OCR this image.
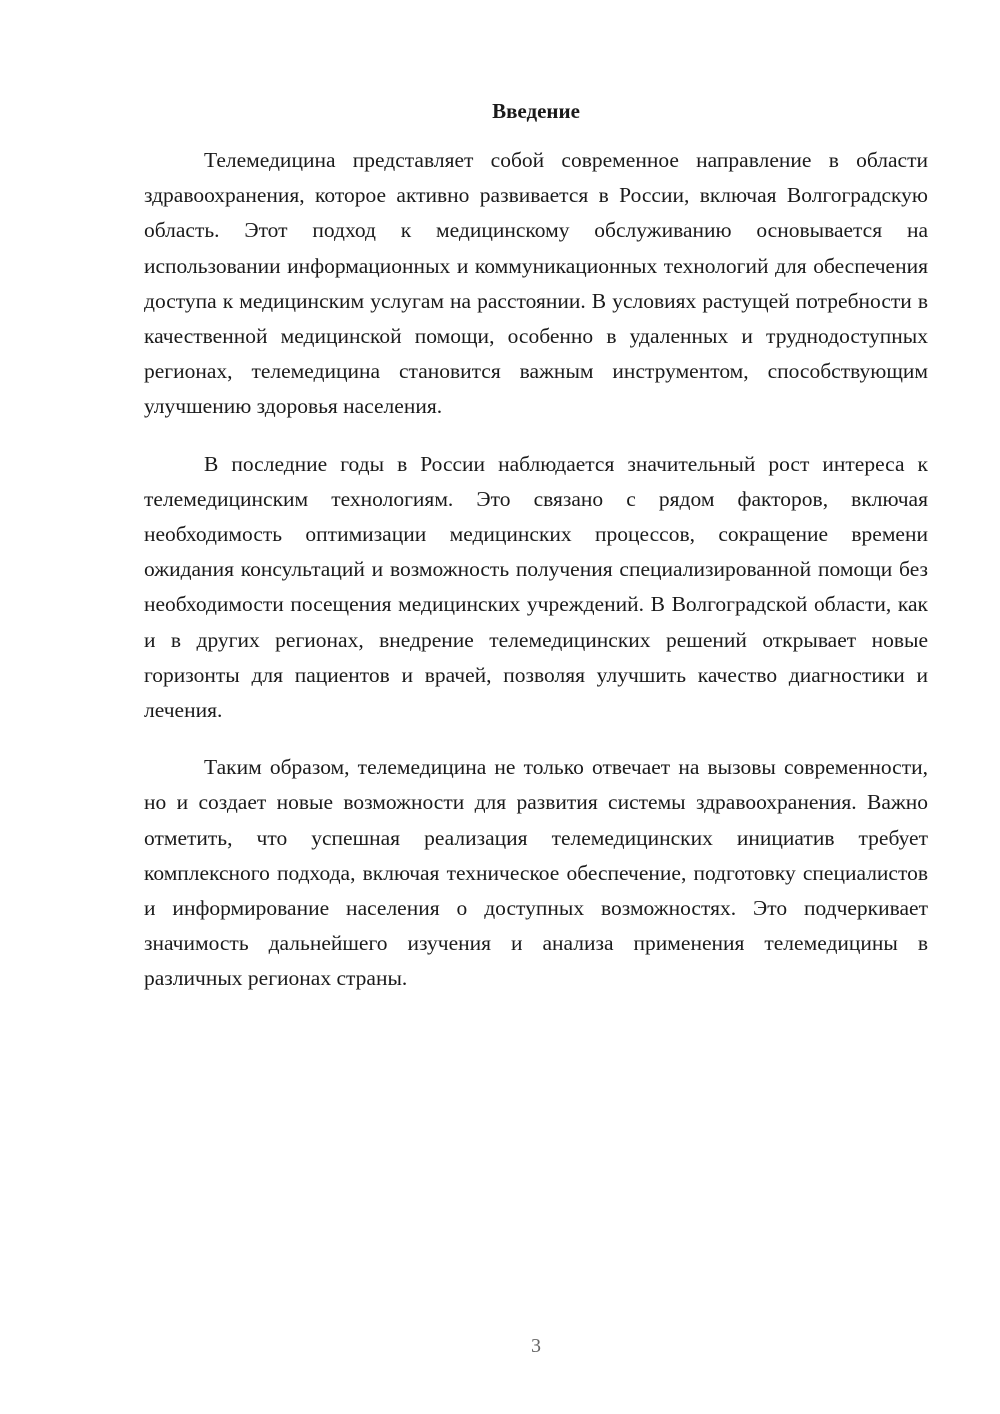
Введение

Телемедицина представляет собой современное направление в области здравоохранения, которое активно развивается в России, включая Волгоградскую область. Этот подход к медицинскому обслуживанию основывается на использовании информационных и коммуникационных технологий для обеспечения доступа к медицинским услугам на расстоянии. В условиях растущей потребности в качественной медицинской помощи, особенно в удаленных и труднодоступных регионах, телемедицина становится важным инструментом, способствующим улучшению здоровья населения.

В последние годы в России наблюдается значительный рост интереса к телемедицинским технологиям. Это связано с рядом факторов, включая необходимость оптимизации медицинских процессов, сокращение времени ожидания консультаций и возможность получения специализированной помощи без необходимости посещения медицинских учреждений. В Волгоградской области, как и в других регионах, внедрение телемедицинских решений открывает новые горизонты для пациентов и врачей, позволяя улучшить качество диагностики и лечения.

Таким образом, телемедицина не только отвечает на вызовы современности, но и создает новые возможности для развития системы здравоохранения. Важно отметить, что успешная реализация телемедицинских инициатив требует комплексного подхода, включая техническое обеспечение, подготовку специалистов и информирование населения о доступных возможностях. Это подчеркивает значимость дальнейшего изучения и анализа применения телемедицины в различных регионах страны.

3
